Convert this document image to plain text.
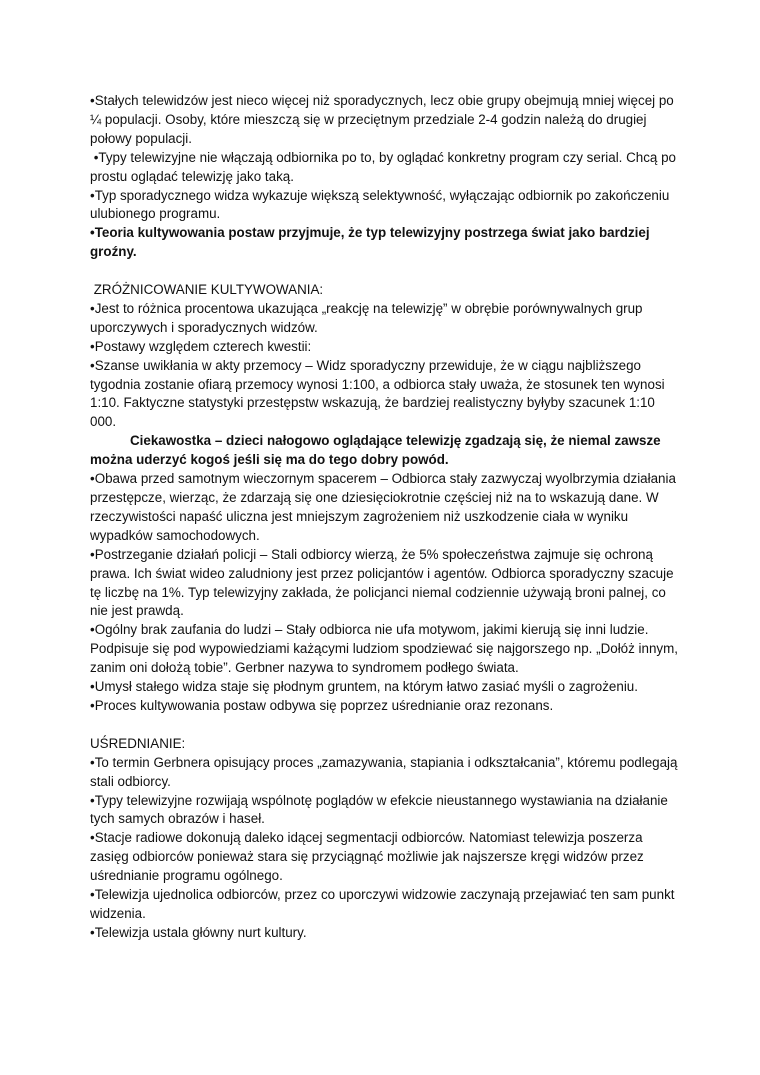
•Stałych telewidzów jest nieco więcej niż sporadycznych, lecz obie grupy obejmują mniej więcej po ¼ populacji. Osoby, które mieszczą się w przeciętnym przedziale 2-4 godzin należą do drugiej połowy populacji.

•Typy telewizyjne nie włączają odbiornika po to, by oglądać konkretny program czy serial. Chcą po prostu oglądać telewizję jako taką.

•Typ sporadycznego widza wykazuje większą selektywność, wyłączając odbiornik po zakończeniu ulubionego programu.

•Teoria kultywowania postaw przyjmuje, że typ telewizyjny postrzega świat jako bardziej groźny.

ZRÓŻNICOWANIE KULTYWOWANIA:

•Jest to różnica procentowa ukazująca „reakcję na telewizję” w obrębie porównywalnych grup uporczywych i sporadycznych widzów.

•Postawy względem czterech kwestii:

•Szanse uwikłania w akty przemocy – Widz sporadyczny przewiduje, że w ciągu najbliższego tygodnia zostanie ofiarą przemocy wynosi 1:100, a odbiorca stały uważa, że stosunek ten wynosi 1:10. Faktyczne statystyki przestępstw wskazują, że bardziej realistyczny byłyby szacunek 1:10 000.

Ciekawostka – dzieci nałogowo oglądające telewizję zgadzają się, że niemal zawsze można uderzyć kogoś jeśli się ma do tego dobry powód.

•Obawa przed samotnym wieczornym spacerem – Odbiorca stały zazwyczaj wyolbrzymia działania przestępcze, wierząc, że zdarzają się one dziesięciokrotnie częściej niż na to wskazują dane. W rzeczywistości napaść uliczna jest mniejszym zagrożeniem niż uszkodzenie ciała w wyniku wypadków samochodowych.

•Postrzeganie działań policji – Stali odbiorcy wierzą, że 5% społeczeństwa zajmuje się ochroną prawa. Ich świat wideo zaludniony jest przez policjantów i agentów. Odbiorca sporadyczny szacuje tę liczbę na 1%. Typ telewizyjny zakłada, że policjanci niemal codziennie używają broni palnej, co nie jest prawdą.

•Ogólny brak zaufania do ludzi – Stały odbiorca nie ufa motywom, jakimi kierują się inni ludzie. Podpisuje się pod wypowiedziami każącymi ludziom spodziewać się najgorszego np. „Dołóż innym, zanim oni dołożą tobie”. Gerbner nazywa to syndromem podłego świata.

•Umysł stałego widza staje się płodnym gruntem, na którym łatwo zasiać myśli o zagrożeniu.

•Proces kultywowania postaw odbywa się poprzez uśrednianie oraz rezonans.

UŚREDNIANIE:

•To termin Gerbnera opisujący proces „zamazywania, stapiania i odkształcania”, któremu podlegają stali odbiorcy.

•Typy telewizyjne rozwijają wspólnotę poglądów w efekcie nieustannego wystawiania na działanie tych samych obrazów i haseł.

•Stacje radiowe dokonują daleko idącej segmentacji odbiorców. Natomiast telewizja poszerza zasięg odbiorców ponieważ stara się przyciągnąć możliwie jak najszersze kręgi widzów przez uśrednianie programu ogólnego.

•Telewizja ujednolica odbiorców, przez co uporczywi widzowie zaczynają przejawiać ten sam punkt widzenia.

•Telewizja ustala główny nurt kultury.
